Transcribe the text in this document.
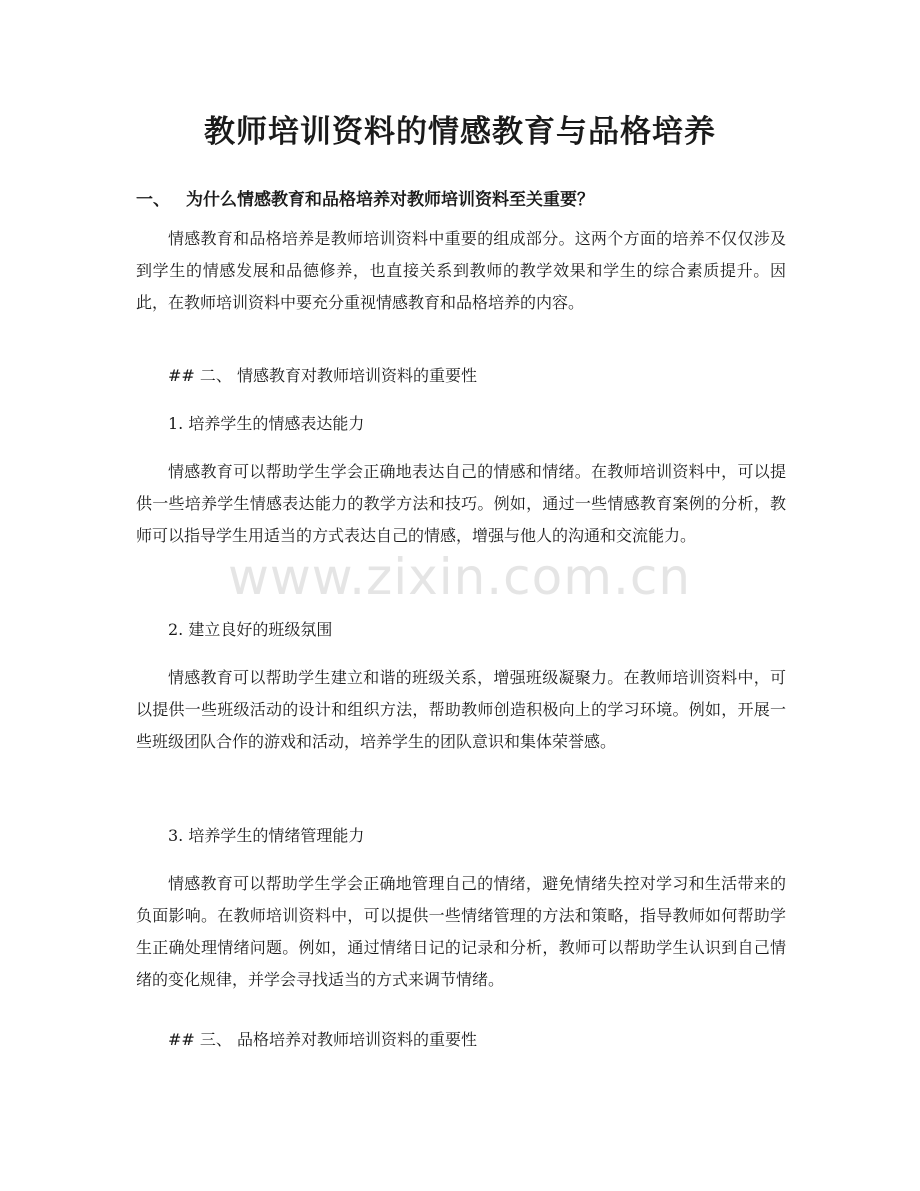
教师培训资料的情感教育与品格培养
一、 为什么情感教育和品格培养对教师培训资料至关重要？

情感教育和品格培养是教师培训资料中重要的组成部分。这两个方面的培养不仅仅涉及到学生的情感发展和品德修养，也直接关系到教师的教学效果和学生的综合素质提升。因此，在教师培训资料中要充分重视情感教育和品格培养的内容。

## 二、 情感教育对教师培训资料的重要性
1. 培养学生的情感表达能力

情感教育可以帮助学生学会正确地表达自己的情感和情绪。在教师培训资料中，可以提供一些培养学生情感表达能力的教学方法和技巧。例如，通过一些情感教育案例的分析，教师可以指导学生用适当的方式表达自己的情感，增强与他人的沟通和交流能力。

2. 建立良好的班级氛围

情感教育可以帮助学生建立和谐的班级关系，增强班级凝聚力。在教师培训资料中，可以提供一些班级活动的设计和组织方法，帮助教师创造积极向上的学习环境。例如，开展一些班级团队合作的游戏和活动，培养学生的团队意识和集体荣誉感。

3. 培养学生的情绪管理能力

情感教育可以帮助学生学会正确地管理自己的情绪，避免情绪失控对学习和生活带来的负面影响。在教师培训资料中，可以提供一些情绪管理的方法和策略，指导教师如何帮助学生正确处理情绪问题。例如，通过情绪日记的记录和分析，教师可以帮助学生认识到自己情绪的变化规律，并学会寻找适当的方式来调节情绪。

## 三、 品格培养对教师培训资料的重要性
www.zixin.com.cn
